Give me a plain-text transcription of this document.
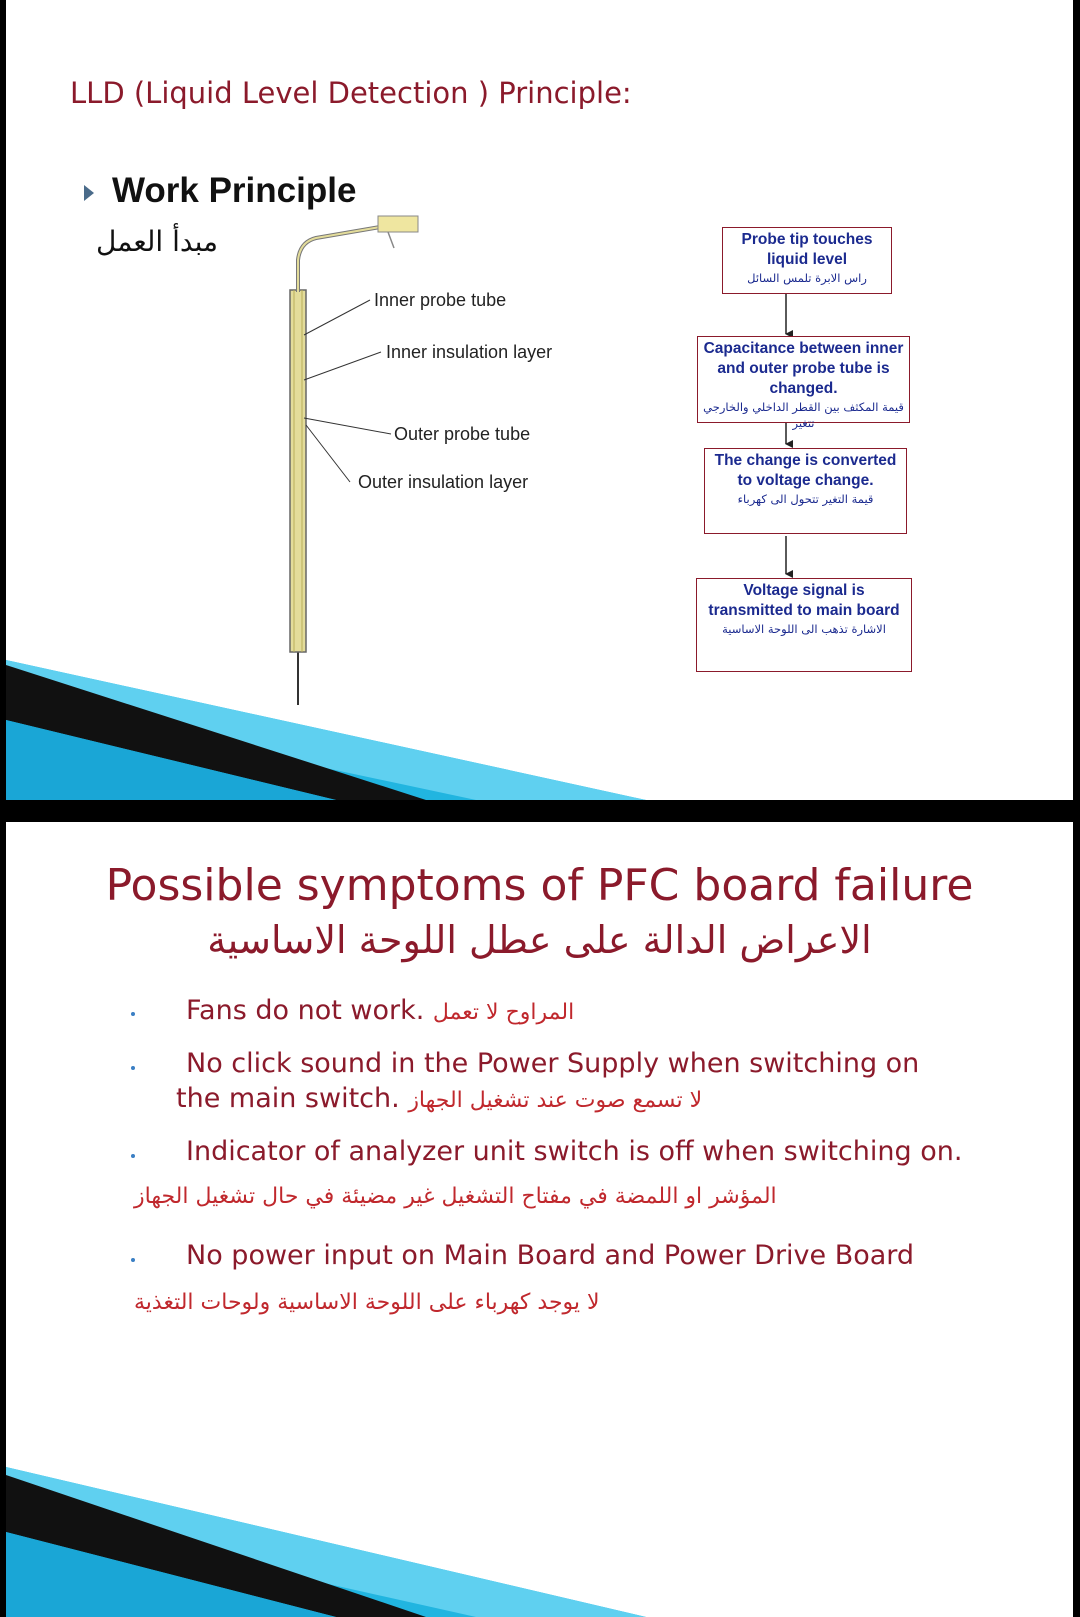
LLD (Liquid Level Detection ) Principle:
Work Principle
مبدأ العمل
Inner probe tube
Inner insulation layer
Outer probe tube
Outer insulation layer
Probe tip touches liquid level
راس الابرة تلمس السائل
Capacitance between inner and outer probe tube is changed.
قيمة المكثف بين القطر الداخلي والخارجي تتغير
The change is converted to voltage change.
قيمة التغير تتحول الى كهرباء
Voltage signal is transmitted to main board
الاشارة تذهب الى اللوحة الاساسية
Possible symptoms of PFC board failure
الاعراض الدالة على عطل اللوحة الاساسية
Fans do not work. المراوح لا تعمل
No click sound in the Power Supply when switching on
the main switch. لا تسمع صوت عند تشغيل الجهاز
Indicator of analyzer unit switch is off when switching on.
المؤشر او اللمضة في مفتاح التشغيل غير مضيئة في حال تشغيل الجهاز
No power input on Main Board and Power Drive Board
لا يوجد كهرباء على اللوحة الاساسية ولوحات التغذية
